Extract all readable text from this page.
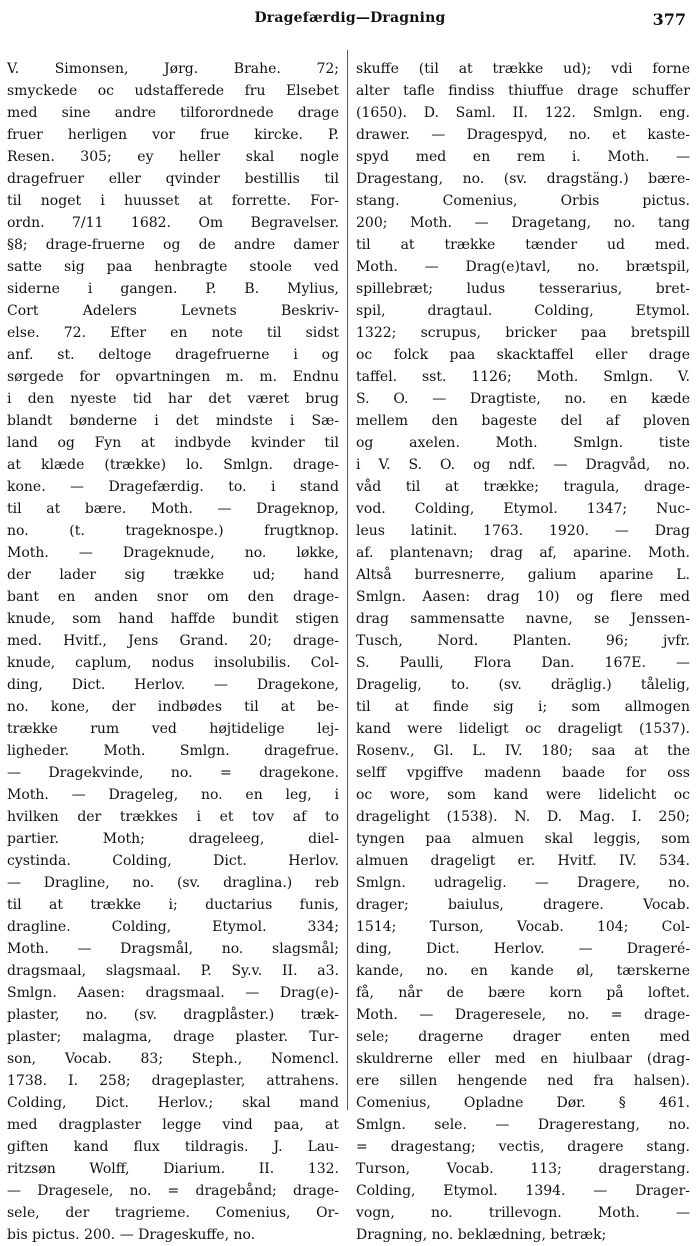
Dragefærdig—Dragning	377
V. Simonsen, Jørg. Brahe. 72;
smyckede oc udstafferede fru Elsebet
med sine andre tilforordnede drage
fruer herligen vor frue kircke. P.
Resen. 305; ey heller skal nogle
dragefruer eller qvinder bestillis til
til noget i huusset at forrette. For-
ordn. 7/11 1682. Om Begravelser.
§8; drage-fruerne og de andre damer
satte sig paa henbragte stoole ved
siderne i gangen. P. B. Mylius,
Cort Adelers Levnets Beskriv-
else. 72. Efter en note til sidst
anf. st. deltoge dragefruerne i og
sørgede for opvartningen m. m. Endnu
i den nyeste tid har det været brug
blandt bønderne i det mindste i Sæ-
land og Fyn at indbyde kvinder til
at klæde (trække) lo. Smlgn. drage-
kone. — Dragefærdig. to. i stand
til at bære. Moth. — Drageknop,
no. (t. trageknospe.) frugtknop.
Moth. — Drageknude, no. løkke,
der lader sig trække ud; hand
bant en anden snor om den drage-
knude, som hand haffde bundit stigen
med. Hvitf., Jens Grand. 20; drage-
knude, caplum, nodus insolubilis. Col-
ding, Dict. Herlov. — Dragekone,
no. kone, der indbødes til at be-
trække rum ved højtidelige lej-
ligheder. Moth. Smlgn. dragefrue.
— Dragekvinde, no. = dragekone.
Moth. — Drageleg, no. en leg, i
hvilken der trækkes i et tov af to
partier. Moth; drageleeg, diel-
cystinda. Colding, Dict. Herlov.
— Dragline, no. (sv. draglina.) reb
til at trække i; ductarius funis,
dragline. Colding, Etymol. 334;
Moth. — Dragsmål, no. slagsmål;
dragsmaal, slagsmaal. P. Sy.v. II. a3.
Smlgn. Aasen: dragsmaal. — Drag(e)-
plaster, no. (sv. dragplåster.) træk-
plaster; malagma, drage plaster. Tur-
son, Vocab. 83; Steph., Nomencl.
1738. I. 258; drageplaster, attrahens.
Colding, Dict. Herlov.; skal mand
med dragplaster legge vind paa, at
giften kand flux tildragis. J. Lau-
ritzsøn Wolff, Diarium. II. 132.
— Dragesele, no. = dragebånd; drage-
sele, der tragrieme. Comenius, Or-
bis pictus. 200. — Drageskuffe, no.
skuffe (til at trække ud); vdi forne
alter tafle findiss thiuffue drage schuffer
(1650). D. Saml. II. 122. Smlgn. eng.
drawer. — Dragespyd, no. et kaste-
spyd med en rem i. Moth. —
Dragestang, no. (sv. dragstäng.) bære-
stang. Comenius, Orbis pictus.
200; Moth. — Dragetang, no. tang
til at trække tænder ud med.
Moth. — Drag(e)tavl, no. brætspil,
spillebræt; ludus tesserarius, bret-
spil, dragtaul. Colding, Etymol.
1322; scrupus, bricker paa bretspill
oc folck paa skacktaffel eller drage
taffel. sst. 1126; Moth. Smlgn. V.
S. O. — Dragtiste, no. en kæde
mellem den bageste del af ploven
og axelen. Moth. Smlgn. tiste
i V. S. O. og ndf. — Dragvåd, no.
våd til at trække; tragula, drage-
vod. Colding, Etymol. 1347; Nuc-
leus latinit. 1763. 1920. — Drag
af. plantenavn; drag af, aparine. Moth.
Altså burresnerre, galium aparine L.
Smlgn. Aasen: drag 10) og flere med
drag sammensatte navne, se Jenssen-
Tusch, Nord. Planten. 96; jvfr.
S. Paulli, Flora Dan. 167E. —
Dragelig, to. (sv. dräglig.) tålelig,
til at finde sig i; som allmogen
kand were lideligt oc drageligt (1537).
Rosenv., Gl. L. IV. 180; saa at the
selff vpgiffve madenn baade for oss
oc wore, som kand were lidelicht oc
dragelight (1538). N. D. Mag. I. 250;
tyngen paa almuen skal leggis, som
almuen drageligt er. Hvitf. IV. 534.
Smlgn. udragelig. — Dragere, no.
drager; baiulus, dragere. Vocab.
1514; Turson, Vocab. 104; Col-
ding, Dict. Herlov. — Drageré-
kande, no. en kande øl, tærskerne
få, når de bære korn på loftet.
Moth. — Drageresele, no. = drage-
sele; dragerne drager enten med
skuldrerne eller med en hiulbaar (drag-
ere sillen hengende ned fra halsen).
Comenius, Opladne Dør. § 461.
Smlgn. sele. — Dragerestang, no.
= dragestang; vectis, dragere stang.
Turson, Vocab. 113; dragerstang.
Colding, Etymol. 1394. — Drager-
vogn, no. trillevogn. Moth. —
Dragning, no. beklædning, betræk;
